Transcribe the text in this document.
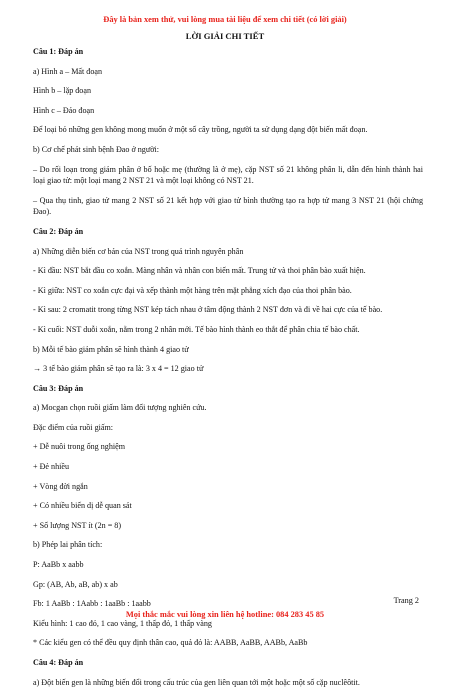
Đây là bản xem thử, vui lòng mua tài liệu để xem chi tiết (có lời giải)
LỜI GIẢI CHI TIẾT

Câu 1: Đáp án

a) Hình a – Mất đoạn

Hình b – lặp đoạn

Hình c – Đảo đoạn

Để loại bỏ những gen không mong muốn ở một số cây trồng, người ta sử dụng dạng đột biến mất đoạn.

b) Cơ chế phát sinh bệnh Đao ở người:

– Do rối loạn trong giảm phân ở bố hoặc mẹ (thường là ở mẹ), cặp NST số 21 không phân li, dẫn đến hình thành hai loại giao tử: một loại mang 2 NST 21 và một loại không có NST 21.

– Qua thụ tinh, giao tử mang 2 NST số 21 kết hợp với giao tử bình thường tạo ra hợp tử mang 3 NST 21 (hội chứng Đao).

Câu 2: Đáp án

a) Những diễn biến cơ bản của NST trong quá trình nguyên phân

- Kì đầu: NST bắt đầu co xoắn. Màng nhân và nhân con biến mất. Trung tử và thoi phân bào xuất hiện.

- Kì giữa: NST co xoắn cực đại và xếp thành một hàng trên mặt phẳng xích đạo của thoi phân bào.

- Kì sau: 2 cromatit trong từng NST kép tách nhau ở tâm động thành 2 NST đơn và đi về hai cực của tế bào.

- Kì cuối: NST duỗi xoắn, nằm trong 2 nhân mới. Tế bào hình thành eo thắt để phân chia tế bào chất.

b) Mỗi tế bào giảm phân sẽ hình thành 4 giao tử

→ 3 tế bào giảm phân sẽ tạo ra là: 3 x 4 = 12 giao tử

Câu 3: Đáp án

a) Mocgan chọn ruồi giấm làm đối tượng nghiên cứu.

Đặc điểm của ruồi giấm:

+ Dễ nuôi trong ống nghiệm

+ Đẻ nhiều

+ Vòng đời ngắn

+ Có nhiều biến dị dễ quan sát

+ Số lượng NST ít (2n = 8)

b) Phép lai phân tích:

P: AaBb x aabb

Gp: (AB, Ab, aB, ab) x ab

Fb: 1 AaBb : 1Aabb : 1aaBb : 1aabb

Kiểu hình: 1 cao đỏ, 1 cao vàng, 1 thấp đỏ, 1 thấp vàng

* Các kiểu gen có thể đều quy định thân cao, quả đỏ là: AABB, AaBB, AABb, AaBb

Câu 4: Đáp án

a) Đột biến gen là những biến đổi trong cấu trúc của gen liên quan tới một hoặc một số cặp nuclêôtit.

Trang 2
Mọi thắc mắc vui lòng xin liên hệ hotline: 084 283 45 85
